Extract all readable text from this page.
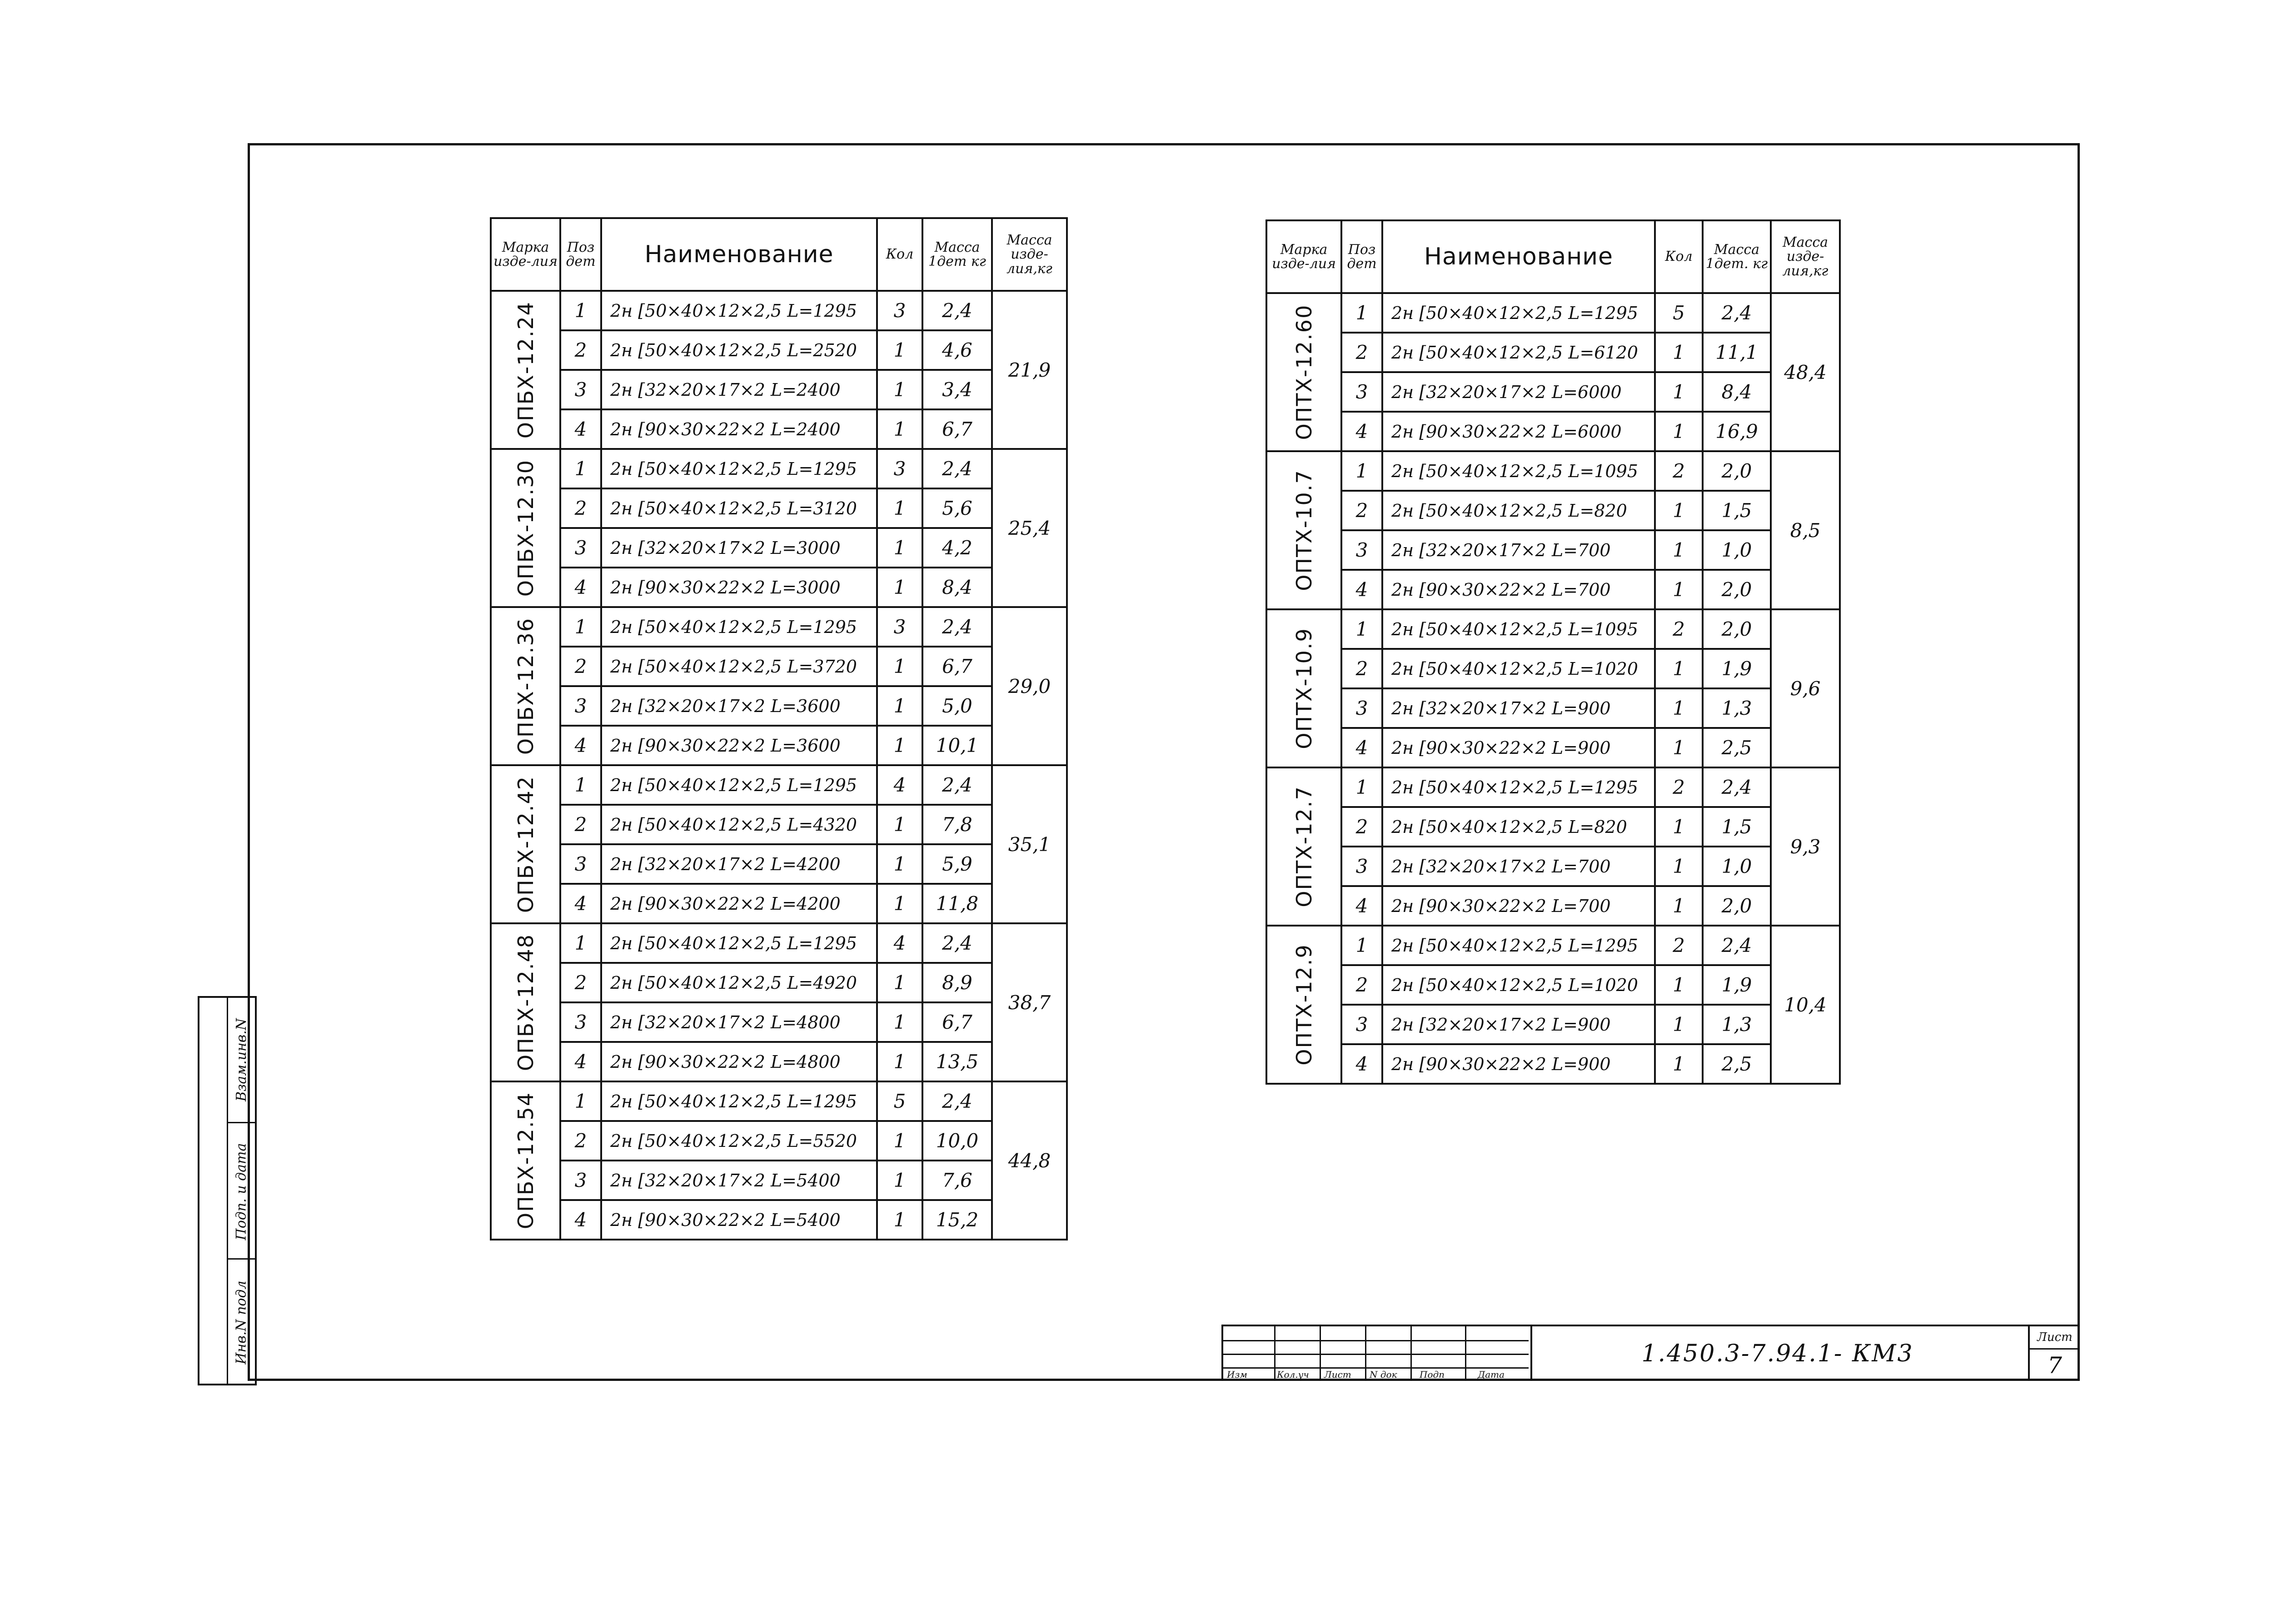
Взам.инв.N
Подп. и дата
Инв.N подл
Марка изде-лия	Поз дет	Наименование	Кол	Масса 1дет кг	Масса изде-лия,кг

ОПБХ-12.24	1	2н [50×40×12×2,5 L=1295	3	2,4	21,9
	2	2н [50×40×12×2,5 L=2520	1	4,6	
	3	2н [32×20×17×2 L=2400	1	3,4	
	4	2н [90×30×22×2 L=2400	1	6,7	

ОПБХ-12.30	1	2н [50×40×12×2,5 L=1295	3	2,4	25,4
	2	2н [50×40×12×2,5 L=3120	1	5,6	
	3	2н [32×20×17×2 L=3000	1	4,2	
	4	2н [90×30×22×2 L=3000	1	8,4	

ОПБХ-12.36	1	2н [50×40×12×2,5 L=1295	3	2,4	29,0
	2	2н [50×40×12×2,5 L=3720	1	6,7	
	3	2н [32×20×17×2 L=3600	1	5,0	
	4	2н [90×30×22×2 L=3600	1	10,1	

ОПБХ-12.42	1	2н [50×40×12×2,5 L=1295	4	2,4	35,1
	2	2н [50×40×12×2,5 L=4320	1	7,8	
	3	2н [32×20×17×2 L=4200	1	5,9	
	4	2н [90×30×22×2 L=4200	1	11,8	

ОПБХ-12.48	1	2н [50×40×12×2,5 L=1295	4	2,4	38,7
	2	2н [50×40×12×2,5 L=4920	1	8,9	
	3	2н [32×20×17×2 L=4800	1	6,7	
	4	2н [90×30×22×2 L=4800	1	13,5	

ОПБХ-12.54	1	2н [50×40×12×2,5 L=1295	5	2,4	44,8
	2	2н [50×40×12×2,5 L=5520	1	10,0	
	3	2н [32×20×17×2 L=5400	1	7,6	
	4	2н [90×30×22×2 L=5400	1	15,2	
Марка изде-лия	Поз дет	Наименование	Кол	Масса 1дет. кг	Масса изде-лия,кг

ОПТХ-12.60	1	2н [50×40×12×2,5 L=1295	5	2,4	48,4
	2	2н [50×40×12×2,5 L=6120	1	11,1	
	3	2н [32×20×17×2 L=6000	1	8,4	
	4	2н [90×30×22×2 L=6000	1	16,9	

ОПТХ-10.7	1	2н [50×40×12×2,5 L=1095	2	2,0	8,5
	2	2н [50×40×12×2,5 L=820	1	1,5	
	3	2н [32×20×17×2 L=700	1	1,0	
	4	2н [90×30×22×2 L=700	1	2,0	

ОПТХ-10.9	1	2н [50×40×12×2,5 L=1095	2	2,0	9,6
	2	2н [50×40×12×2,5 L=1020	1	1,9	
	3	2н [32×20×17×2 L=900	1	1,3	
	4	2н [90×30×22×2 L=900	1	2,5	

ОПТХ-12.7	1	2н [50×40×12×2,5 L=1295	2	2,4	9,3
	2	2н [50×40×12×2,5 L=820	1	1,5	
	3	2н [32×20×17×2 L=700	1	1,0	
	4	2н [90×30×22×2 L=700	1	2,0	

ОПТХ-12.9	1	2н [50×40×12×2,5 L=1295	2	2,4	10,4
	2	2н [50×40×12×2,5 L=1020	1	1,9	
	3	2н [32×20×17×2 L=900	1	1,3	
	4	2н [90×30×22×2 L=900	1	2,5	
Изм	Кол.уч Лист N док Подп	Дата
1.450.3-7.94.1- КМ3
Лист
7
